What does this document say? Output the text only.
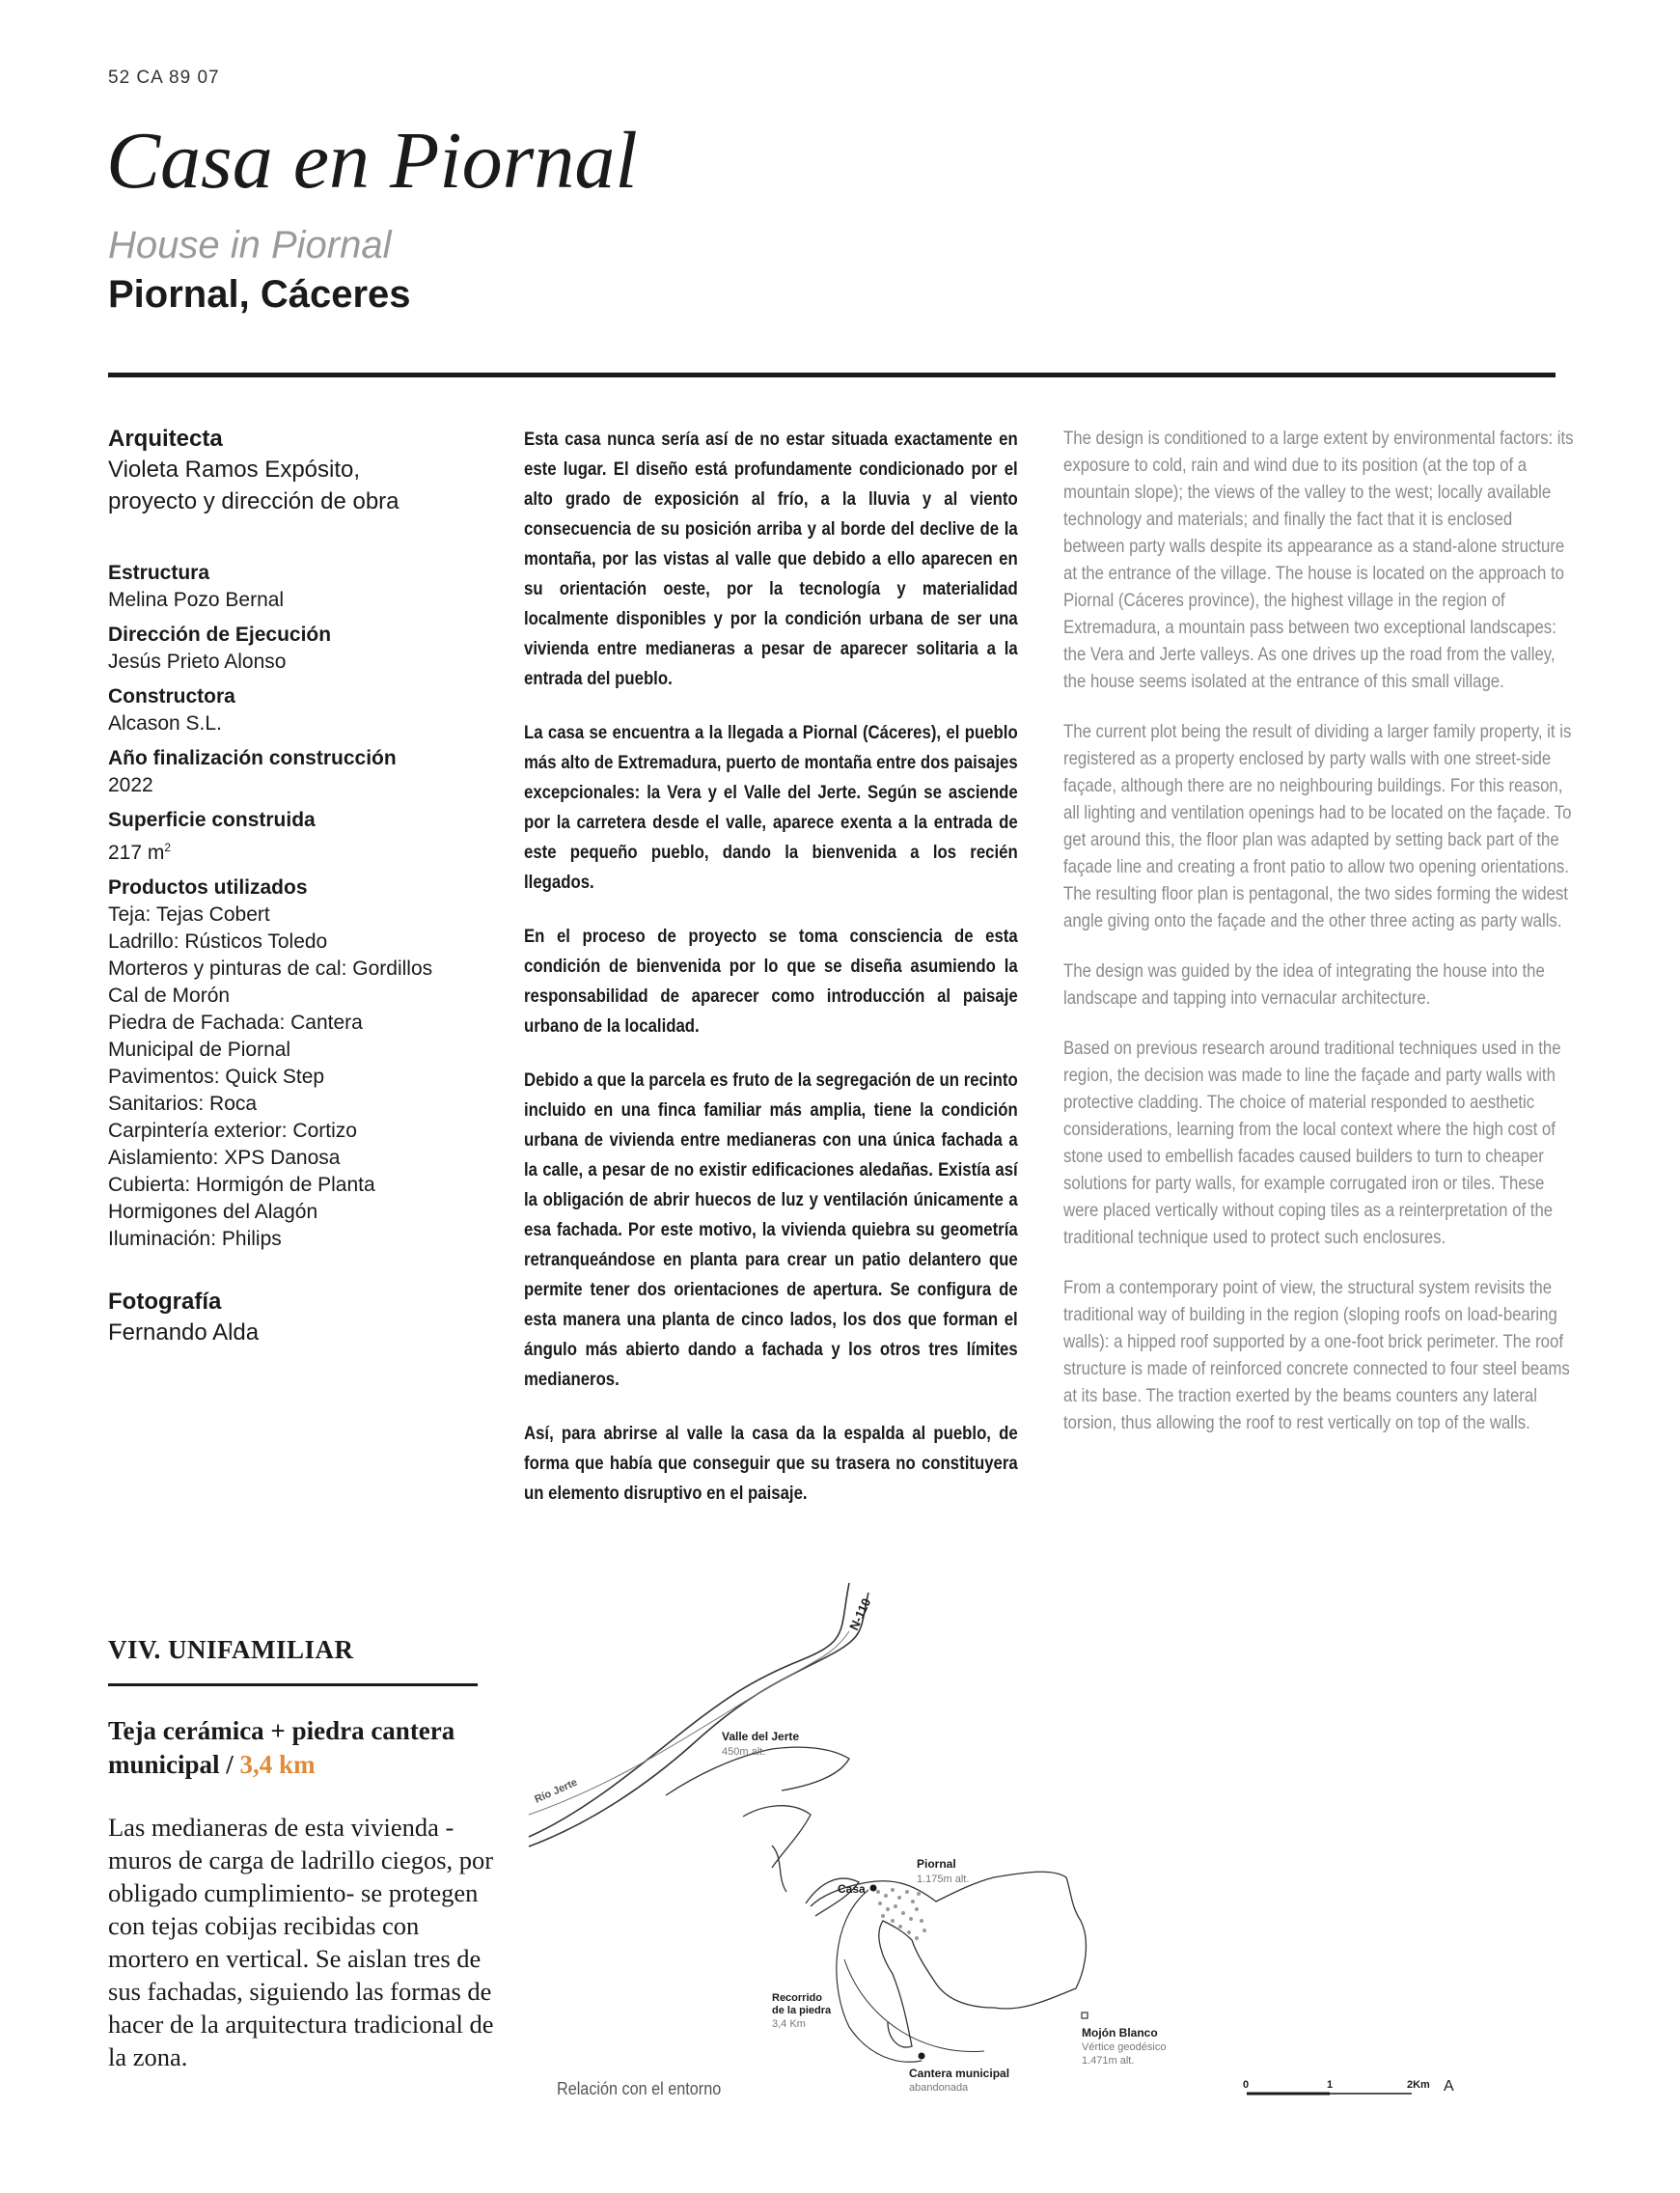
52 CA 89 07
Casa en Piornal
House in Piornal
Piornal, Cáceres
Arquitecta
Violeta Ramos Expósito,
proyecto y dirección de obra
Estructura
Melina Pozo Bernal
Dirección de Ejecución
Jesús Prieto Alonso
Constructora
Alcason S.L.
Año finalización construcción
2022
Superficie construida
217 $m^2$
Productos utilizados
Teja: Tejas Cobert
Ladrillo: Rústicos Toledo
Morteros y pinturas de cal: Gordillos
Cal de Morón
Piedra de Fachada: Cantera
Municipal de Piornal
Pavimentos: Quick Step
Sanitarios: Roca
Carpintería exterior: Cortizo
Aislamiento: XPS Danosa
Cubierta: Hormigón de Planta
Hormigones del Alagón
Iluminación: Philips
Fotografía
Fernando Alda

Esta casa nunca sería así de no estar situada exactamente en este lugar. El diseño está profundamente condicionado por el alto grado de exposición al frío, a la lluvia y al viento consecuencia de su posición arriba y al borde del declive de la montaña, por las vistas al valle que debido a ello aparecen en su orientación oeste, por la tecnología y materialidad localmente disponibles y por la condición urbana de ser una vivienda entre medianeras a pesar de aparecer solitaria a la entrada del pueblo.

La casa se encuentra a la llegada a Piornal (Cáceres), el pueblo más alto de Extremadura, puerto de montaña entre dos paisajes excepcionales: la Vera y el Valle del Jerte. Según se asciende por la carretera desde el valle, aparece exenta a la entrada de este pequeño pueblo, dando la bienvenida a los recién llegados.

En el proceso de proyecto se toma consciencia de esta condición de bienvenida por lo que se diseña asumiendo la responsabilidad de aparecer como introducción al paisaje urbano de la localidad.

Debido a que la parcela es fruto de la segregación de un recinto incluido en una finca familiar más amplia, tiene la condición urbana de vivienda entre medianeras con una única fachada a la calle, a pesar de no existir edificaciones aledañas. Existía así la obligación de abrir huecos de luz y ventilación únicamente a esa fachada. Por este motivo, la vivienda quiebra su geometría retranqueándose en planta para crear un patio delantero que permite tener dos orientaciones de apertura. Se configura de esta manera una planta de cinco lados, los dos que forman el ángulo más abierto dando a fachada y los otros tres límites medianeros.

Así, para abrirse al valle la casa da la espalda al pueblo, de forma que había que conseguir que su trasera no constituyera un elemento disruptivo en el paisaje.

The design is conditioned to a large extent by environmental factors: its exposure to cold, rain and wind due to its position (at the top of a mountain slope); the views of the valley to the west; locally available technology and materials; and finally the fact that it is enclosed between party walls despite its appearance as a stand-alone structure at the entrance of the village. The house is located on the approach to Piornal (Cáceres province), the highest village in the region of Extremadura, a mountain pass between two exceptional landscapes: the Vera and Jerte valleys. As one drives up the road from the valley, the house seems isolated at the entrance of this small village.

The current plot being the result of dividing a larger family property, it is registered as a property enclosed by party walls with one street-side façade, although there are no neighbouring buildings. For this reason, all lighting and ventilation openings had to be located on the façade. To get around this, the floor plan was adapted by setting back part of the façade line and creating a front patio to allow two opening orientations. The resulting floor plan is pentagonal, the two sides forming the widest angle giving onto the façade and the other three acting as party walls.

The design was guided by the idea of integrating the house into the landscape and tapping into vernacular architecture.

Based on previous research around traditional techniques used in the region, the decision was made to line the façade and party walls with protective cladding. The choice of material responded to aesthetic considerations, learning from the local context where the high cost of stone used to embellish facades caused builders to turn to cheaper solutions for party walls, for example corrugated iron or tiles. These were placed vertically without coping tiles as a reinterpretation of the traditional technique used to protect such enclosures.

From a contemporary point of view, the structural system revisits the traditional way of building in the region (sloping roofs on load-bearing walls): a hipped roof supported by a one-foot brick perimeter. The roof structure is made of reinforced concrete connected to four steel beams at its base. The traction exerted by the beams counters any lateral torsion, thus allowing the roof to rest vertically on top of the walls.

VIV. UNIFAMILIAR
Teja cerámica + piedra cantera municipal / 3,4 km
Las medianeras de esta vivienda -muros de carga de ladrillo ciegos, por obligado cumplimiento- se protegen con tejas cobijas recibidas con mortero en vertical. Se aislan tres de sus fachadas, siguiendo las formas de hacer de la arquitectura tradicional de la zona.
N-110
Río Jerte
Valle del Jerte
450m alt.
Piornal
1.175m alt.
Casa
Recorrido
de la piedra
3,4 Km
Cantera municipal
abandonada
Mojón Blanco
Vértice geodésico
1.471m alt.
0	1	2Km A
Relación con el entorno
